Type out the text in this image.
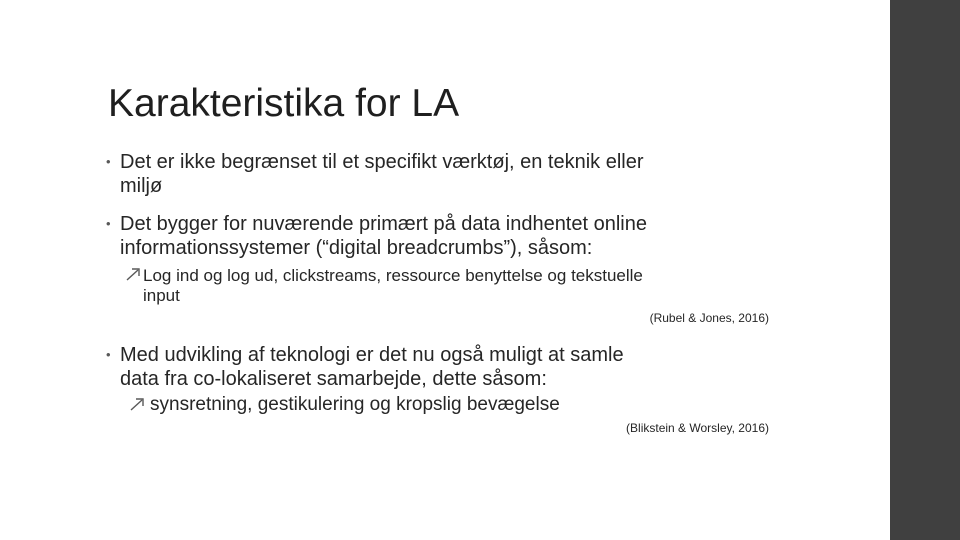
Karakteristika for LA
• Det er ikke begrænset til et specifikt værktøj, en teknik eller
miljø
• Det bygger for nuværende primært på data indhentet online
informationssystemer (“digital breadcrumbs”), såsom:
Log ind og log ud, clickstreams, ressource benyttelse og tekstuelle
input
(Rubel & Jones, 2016)
• Med udvikling af teknologi er det nu også muligt at samle
data fra co-lokaliseret samarbejde, dette såsom:
synsretning, gestikulering og kropslig bevægelse
(Blikstein & Worsley, 2016)
